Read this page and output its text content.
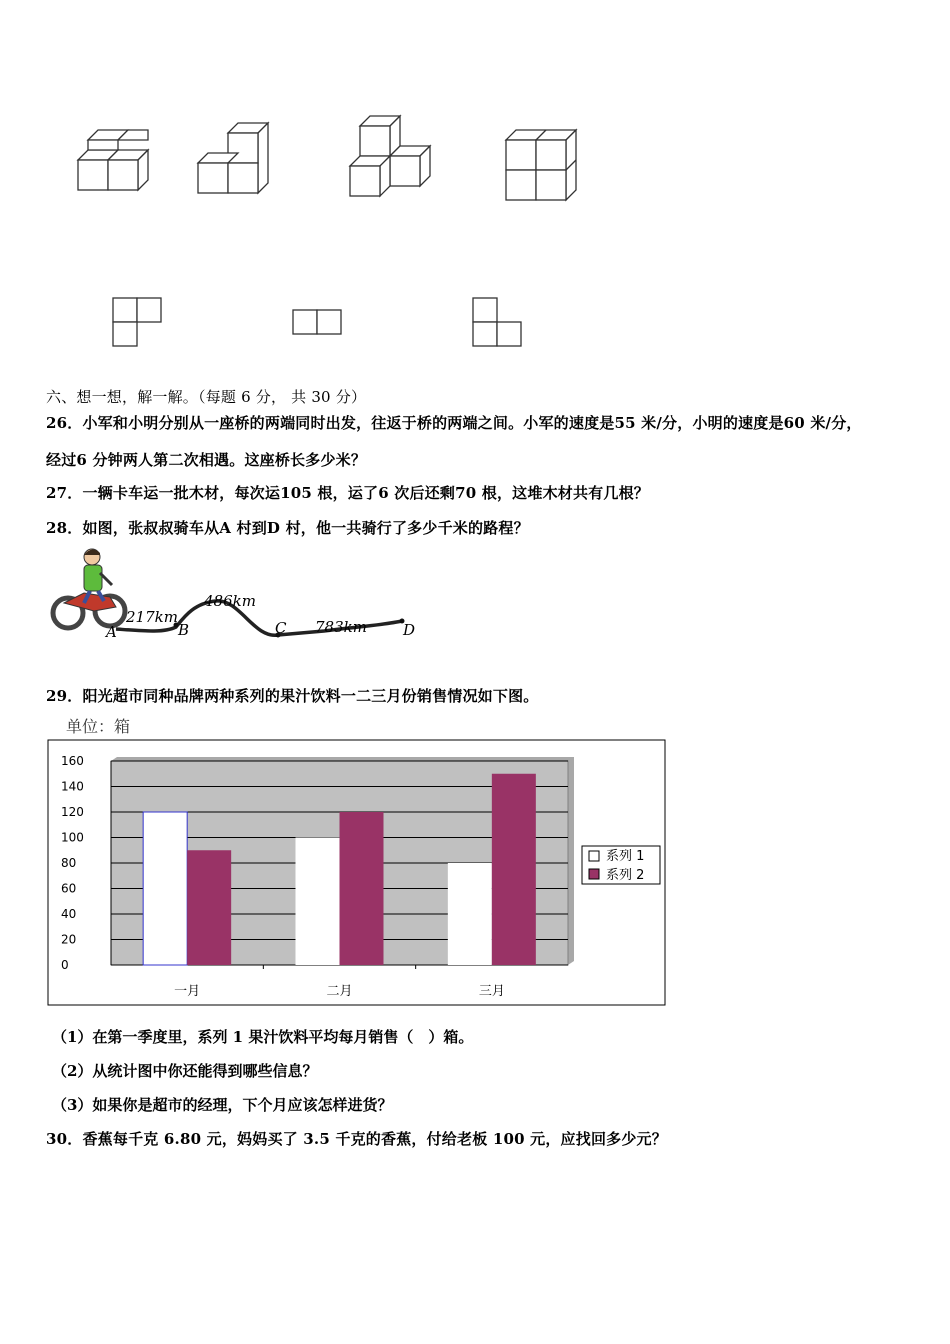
六、想一想，解一解。（每题 6 分， 共 30 分）
26．小军和小明分别从一座桥的两端同时出发，往返于桥的两端之间。小军的速度是55 米/分，小明的速度是60 米/分，
经过6 分钟两人第二次相遇。这座桥长多少米？
27．一辆卡车运一批木材，每次运105 根，运了6 次后还剩70 根，这堆木材共有几根？
28．如图，张叔叔骑车从A 村到D 村，他一共骑行了多少千米的路程？
A	B	C	D
217km
486km
783km
29．阳光超市同种品牌两种系列的果汁饮料一二三月份销售情况如下图。
单位：箱
0
20
40
60
80
100
120
140
160
一月	二月	三月
系列 1
系列 2
（1）在第一季度里，系列 1 果汁饮料平均每月销售（　）箱。
（2）从统计图中你还能得到哪些信息？
（3）如果你是超市的经理，下个月应该怎样进货？
30．香蕉每千克 6.80 元，妈妈买了 3.5 千克的香蕉，付给老板 100 元，应找回多少元？
